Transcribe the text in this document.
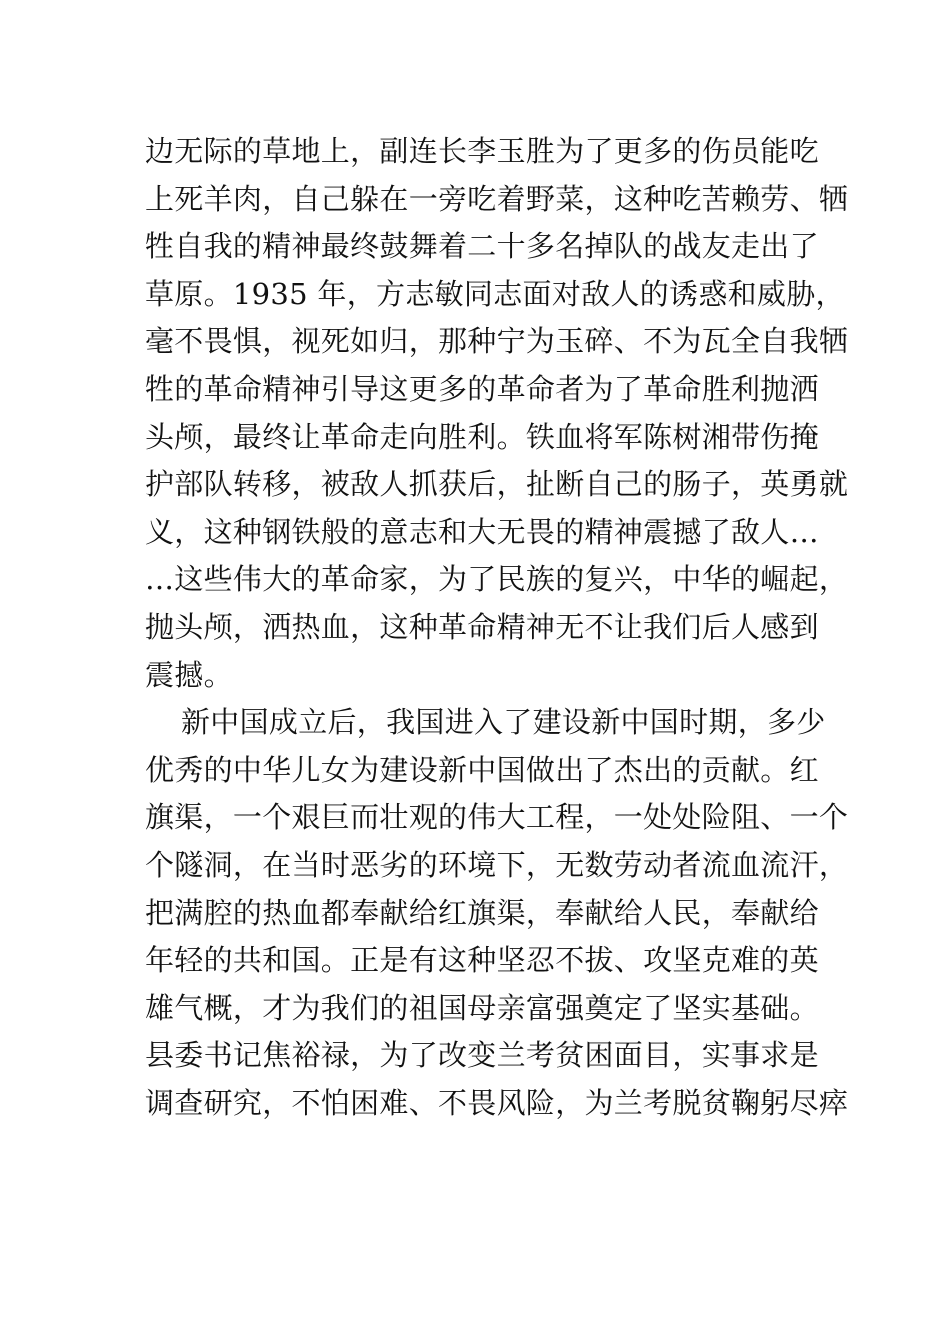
边无际的草地上，副连长李玉胜为了更多的伤员能吃
上死羊肉，自己躲在一旁吃着野菜，这种吃苦赖劳、牺
牲自我的精神最终鼓舞着二十多名掉队的战友走出了
草原。1935 年，方志敏同志面对敌人的诱惑和威胁，
毫不畏惧，视死如归，那种宁为玉碎、不为瓦全自我牺
牲的革命精神引导这更多的革命者为了革命胜利抛洒
头颅，最终让革命走向胜利。铁血将军陈树湘带伤掩
护部队转移，被敌人抓获后，扯断自己的肠子，英勇就
义，这种钢铁般的意志和大无畏的精神震撼了敌人…
…这些伟大的革命家，为了民族的复兴，中华的崛起，
抛头颅，洒热血，这种革命精神无不让我们后人感到
震撼。
新中国成立后，我国进入了建设新中国时期，多少
优秀的中华儿女为建设新中国做出了杰出的贡献。红
旗渠，一个艰巨而壮观的伟大工程，一处处险阻、一个
个隧洞，在当时恶劣的环境下，无数劳动者流血流汗，
把满腔的热血都奉献给红旗渠，奉献给人民，奉献给
年轻的共和国。正是有这种坚忍不拔、攻坚克难的英
雄气概，才为我们的祖国母亲富强奠定了坚实基础。
县委书记焦裕禄，为了改变兰考贫困面目，实事求是
调查研究，不怕困难、不畏风险，为兰考脱贫鞠躬尽瘁
